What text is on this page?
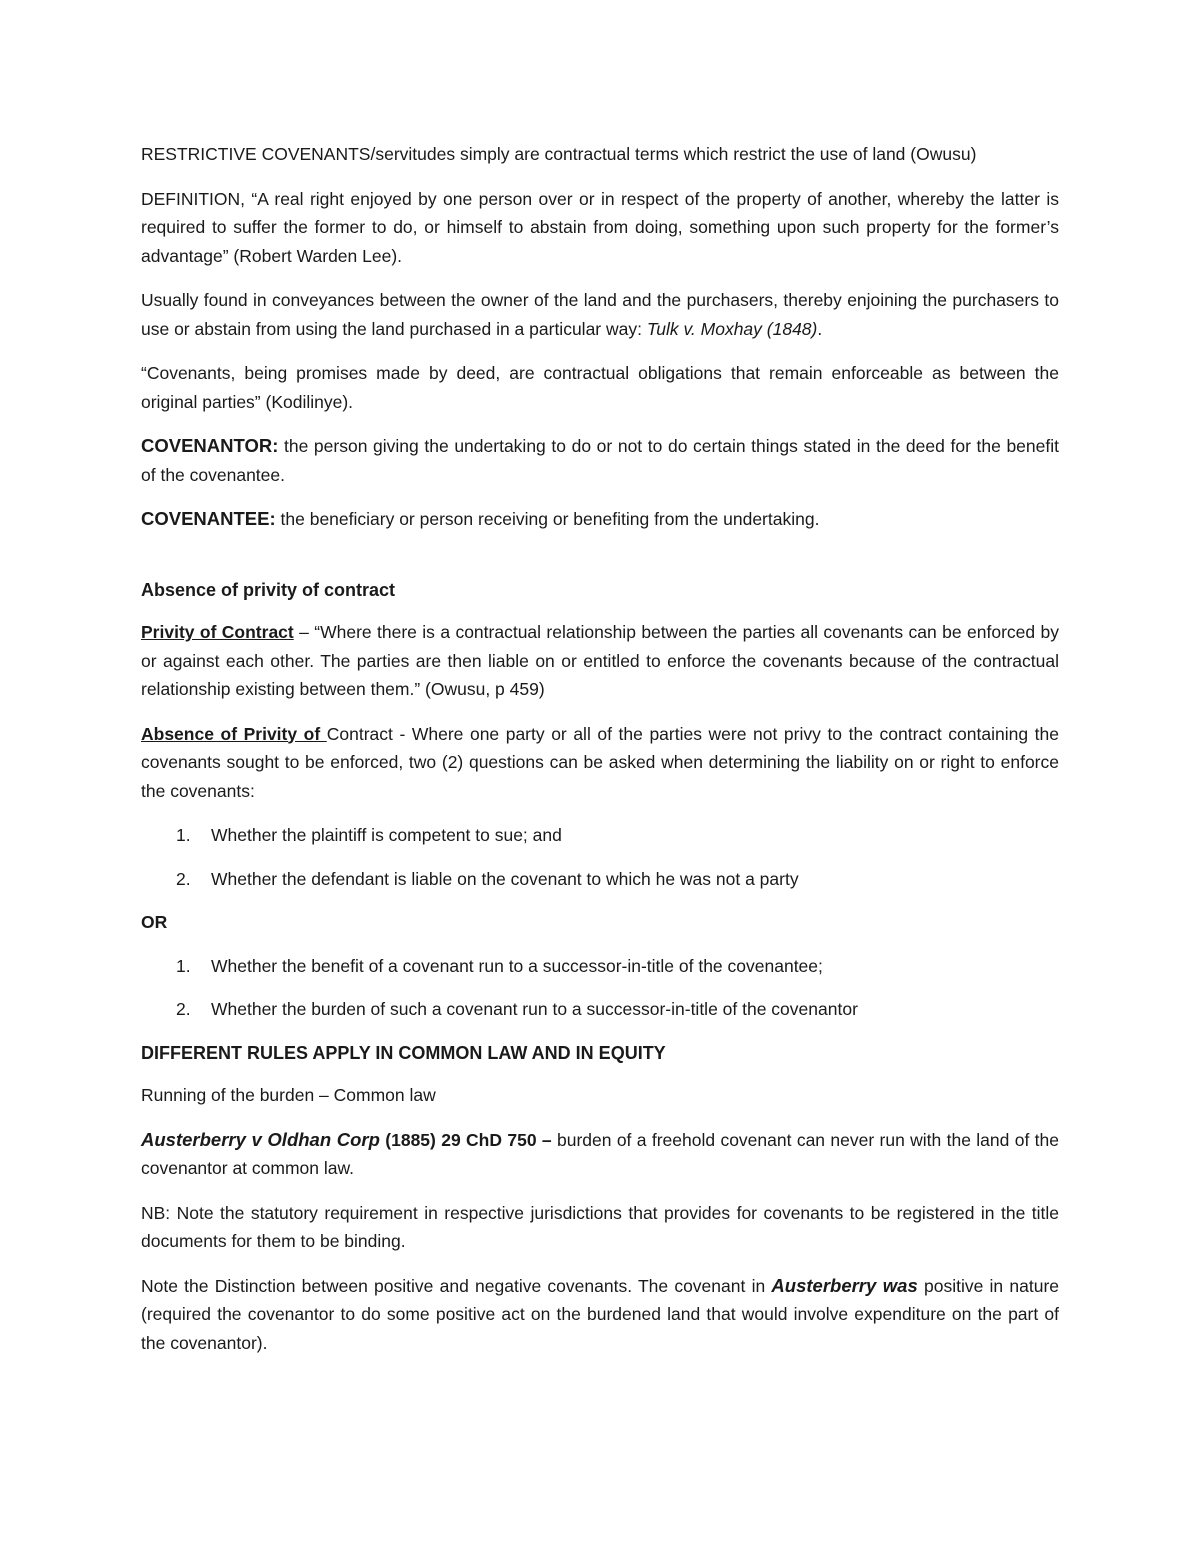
RESTRICTIVE COVENANTS/servitudes simply are contractual terms which restrict the use of land (Owusu)

DEFINITION, “A real right enjoyed by one person over or in respect of the property of another, whereby the latter is required to suffer the former to do, or himself to abstain from doing, something upon such property for the former’s advantage” (Robert Warden Lee).

Usually found in conveyances between the owner of the land and the purchasers, thereby enjoining the purchasers to use or abstain from using the land purchased in a particular way: Tulk v. Moxhay (1848).

“Covenants, being promises made by deed, are contractual obligations that remain enforceable as between the original parties” (Kodilinye).

COVENANTOR: the person giving the undertaking to do or not to do certain things stated in the deed for the benefit of the covenantee.

COVENANTEE: the beneficiary or person receiving or benefiting from the undertaking.

Absence of privity of contract

Privity of Contract – “Where there is a contractual relationship between the parties all covenants can be enforced by or against each other. The parties are then liable on or entitled to enforce the covenants because of the contractual relationship existing between them.” (Owusu, p 459)

Absence of Privity of Contract - Where one party or all of the parties were not privy to the contract containing the covenants sought to be enforced, two (2) questions can be asked when determining the liability on or right to enforce the covenants:

1. Whether the plaintiff is competent to sue; and
2. Whether the defendant is liable on the covenant to which he was not a party

OR

1. Whether the benefit of a covenant run to a successor-in-title of the covenantee;
2. Whether the burden of such a covenant run to a successor-in-title of the covenantor

DIFFERENT RULES APPLY IN COMMON LAW AND IN EQUITY

Running of the burden – Common law

Austerberry v Oldhan Corp (1885) 29 ChD 750 – burden of a freehold covenant can never run with the land of the covenantor at common law.

NB: Note the statutory requirement in respective jurisdictions that provides for covenants to be registered in the title documents for them to be binding.

Note the Distinction between positive and negative covenants. The covenant in Austerberry was positive in nature (required the covenantor to do some positive act on the burdened land that would involve expenditure on the part of the covenantor).
